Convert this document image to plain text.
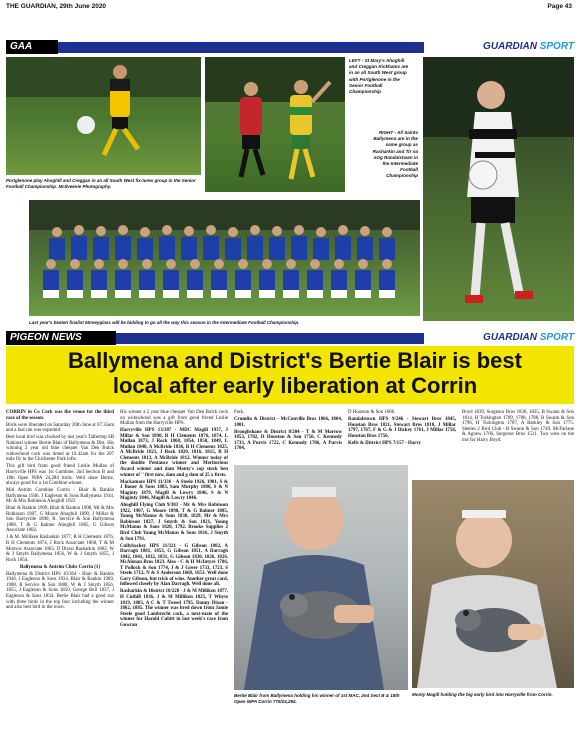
THE GUARDIAN, 29th June 2020	Page 43
GAA	GUARDIAN SPORT
Portglenone play Ahoghill and Creggan in an all South West fix-tures group in the Senior Football Championship. McIlveenie Photography.
LEFT - St Mary's Ahoghill and Creggan Kickhams are in an all South West group with Portglenone in the Senior Football Championship
RIGHT - All Saints Ballymena are in the same group as Rasharkin and Tir na nOg Randalstown in the Intermediate Football Championship
Last year's beaten finalist Moneyglass will be bidding to go all the way this season in the Intermediate Football Championship.
PIGEON NEWS	GUARDIAN SPORT
Ballymena and District's Bertie Blair is best local after early liberation at Corrin

CORRIN in Co Cork was the venue for the third race of the season.

Birds were liberated on Saturday 20th June at 07.35am and a fast run was expected.

Best local bird was clocked by last year's Talbertop SB National winner Bertie Blair of Ballymena & Dist. His winning 2 year old blue chequer Van Den Bulck widowhood cock was timed at 10.42am for the 207 mile fly to the Chichester Park lofts.

This gift bird from good friend Leslie Mullan of Harryville HPS was 1st Combine, 2nd Section B and 18th Open NIPA 24,284 birds. Well done Bertie, always good for a 1st Combine winner.

Mid Antrim Combine Corrin - Blair & Rankin Ballymena 1946, J Eagleson & Sons Ballymena 1934, Mr & Mrs Robinson Ahoghill 1922

Blair & Rankin 1909, Blair & Rankin 1908, Mr & Mrs Robinson 1907, G Moore Ahoghill 1890, J Millar & Son Harryville 1890, R. Service & Son Ballymena 1888, T & G Balmer Ahoghill 1885, G Gibson Associate 1882.

J & M. Milliken Rasharkin 1877, R H Clements 1876, R H Clements 1874, J Rock Associate 1868, T & M Morrow Associate 1863, D Dixon Rasharkin 1862, W & J Smyth Ballymena 1856, W & J Smyth 1855, J Rock 1854.

Ballymena & Antrim Clubs Corrin (1)

Ballymena & District HPS 10/364 - Blair & Rankin 1946, J Eagleson & Sons 1934, Blair & Rankin 1909, 1908, R Service & Son 1888, W & J Smyth 1856, 1855, J Eagleson & Sons 1850, George Bell 1837, J Eagleson & Sons 1834. Bertie Blair had a good run with three birds in the top four including the winner and also best bird in the town.

His winner a 2 year blue chequer Van Den Bulck cock on widowhood was a gift from good friend Leslie Mullan from the Harryville HPS.

Harryville HPS 13/387 - MDC Magill 1937, J Millar & Son 1890, R H Clements 1876, 1874, L Mullan 1873, J Rock 1868, 1854, 1850, 1849, L Mullan 1848, A McBride 1836, R H Clements 1825, A McBride 1821, J Rock 1820, 1816, 1815, R H Clements 1813, A McBride 1812. Winner today of the double Pentance winner and Meritorious Award winner and dam Monty's cop stock hen winner of '' first now, dam and g dam of 25 x firsts.

Mackamore HPS 11/336 - A Steele 1926, 1901, S & J Boner & Sons 1883, Sam Murphy 1880, S & N Maginty 1879, Magill & Lowry 1846, S & N Maginty 1846, Magill & Lowry 1846.

Ahoghill Flying Club 9/303 - Mr & Mrs Robinson 1922, 1907, G Moore 1890, T & G Balmer 1885, Young McManus & Sons 1830, 1829, Mr & Mrs Robinson 1827, J Smyth & Son 1821, Young McManus & Sons 1820, 1792. Brooke Supplies 2 Bird Club Young McManus & Sons 1816, J Smyth & Son 1791.

Cullybackey HPS 11/321 - G Gibson 1882, A Darragh 1881, 1853, G Gibson 1851, A Darragh 1842, 1841, 1832, 1831, G Gibson 1830, 1826, 1826. McAlonan Bros 1823. Also - C & H McIntyre 1786, T Pollock & Son 1774, J & J Greer 1733, 1723, S Steele 1712, N & S Anderson 1668, 1653. Well done Gary Gibson, but trick of wins. Another great card, followed closely by Alan Darragh. Well done all.

Rasharkin & District 10/228 - J & M Milliken 1877, H Cuthill 1836, J & M Milliken 1825, T Whyte 1819, 1803, A C & T Tweed 1795. Danny Dixon - 1862, 1885. The winner was bred down from Jamie Steele good Lambrecht cock, a next-mate of the winner for Harold Cubitt in last week's race from Gowran

Park.

Crumlin & District - McConville Bros 1866, 1804, 1801.

Broughshane & District 8/204 - T & M Morrow 1853, 1782, D Houston & Son 1750, C Kennedy 1733, A Purvis 1722, C Kennedy 1706, A Purvis 1704,

D Houston & Son 1686.

Randalstown HPS 9/246 - Stewart Bros 1845, Houston Bros 1821, Stewart Bros 1810, J Millar 1797, 1767, F & G & J Dickey 1761, J Millar 1756, Houston Bros 1756.

Kells & District HPS 7/157 - Harry

Boyd 1839, Surgenor Bros 1836, 1825, B Swann & Son 1814, H Torkington 1789, 1788, 1788, B Swann & Son 1796, H Torkington 1787, A Barkley & Son 1775. Steeles 2 Bird Club - B Swann & Son 1749, McFarlane & Agnew 1766, Surgenor Bros 1521. Two wins on the trot for Harry Boyd.

Bertie Blair from Ballymena holding his winner of 1st MAC, 2nd Sect B & 18th Open NIPA Corrin 775/24,284.
Monty Magill holding the big early bird into Harryville from Corrin.
